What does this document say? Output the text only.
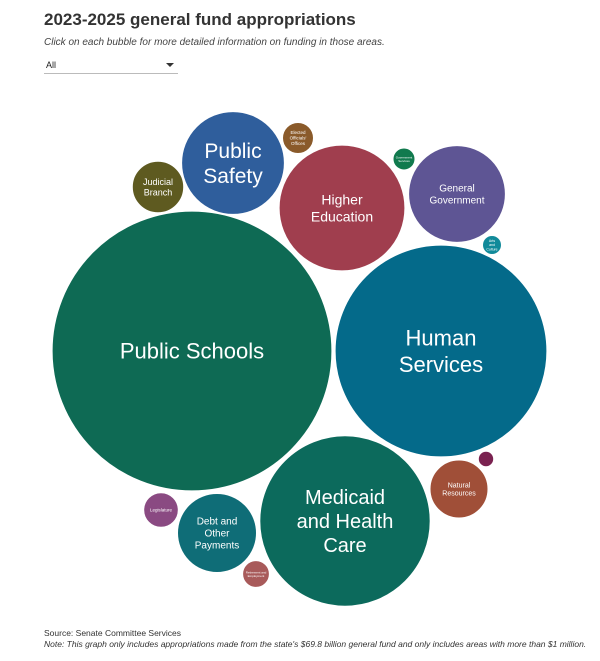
2023-2025 general fund appropriations
Click on each bubble for more detailed information on funding in those areas.
All
Public Schools
Human Services
Medicaid and Health Care
Higher Education
Public Safety
General Government
Debt and Other Payments
Natural Resources
Judicial Branch
Elected Officials' Offices
Legislature
Retirement and Employment
Government Services
Arts and Culture
Source: Senate Committee Services
Note: This graph only includes appropriations made from the state's $69.8 billion general fund and only includes areas with more than $1 million.
